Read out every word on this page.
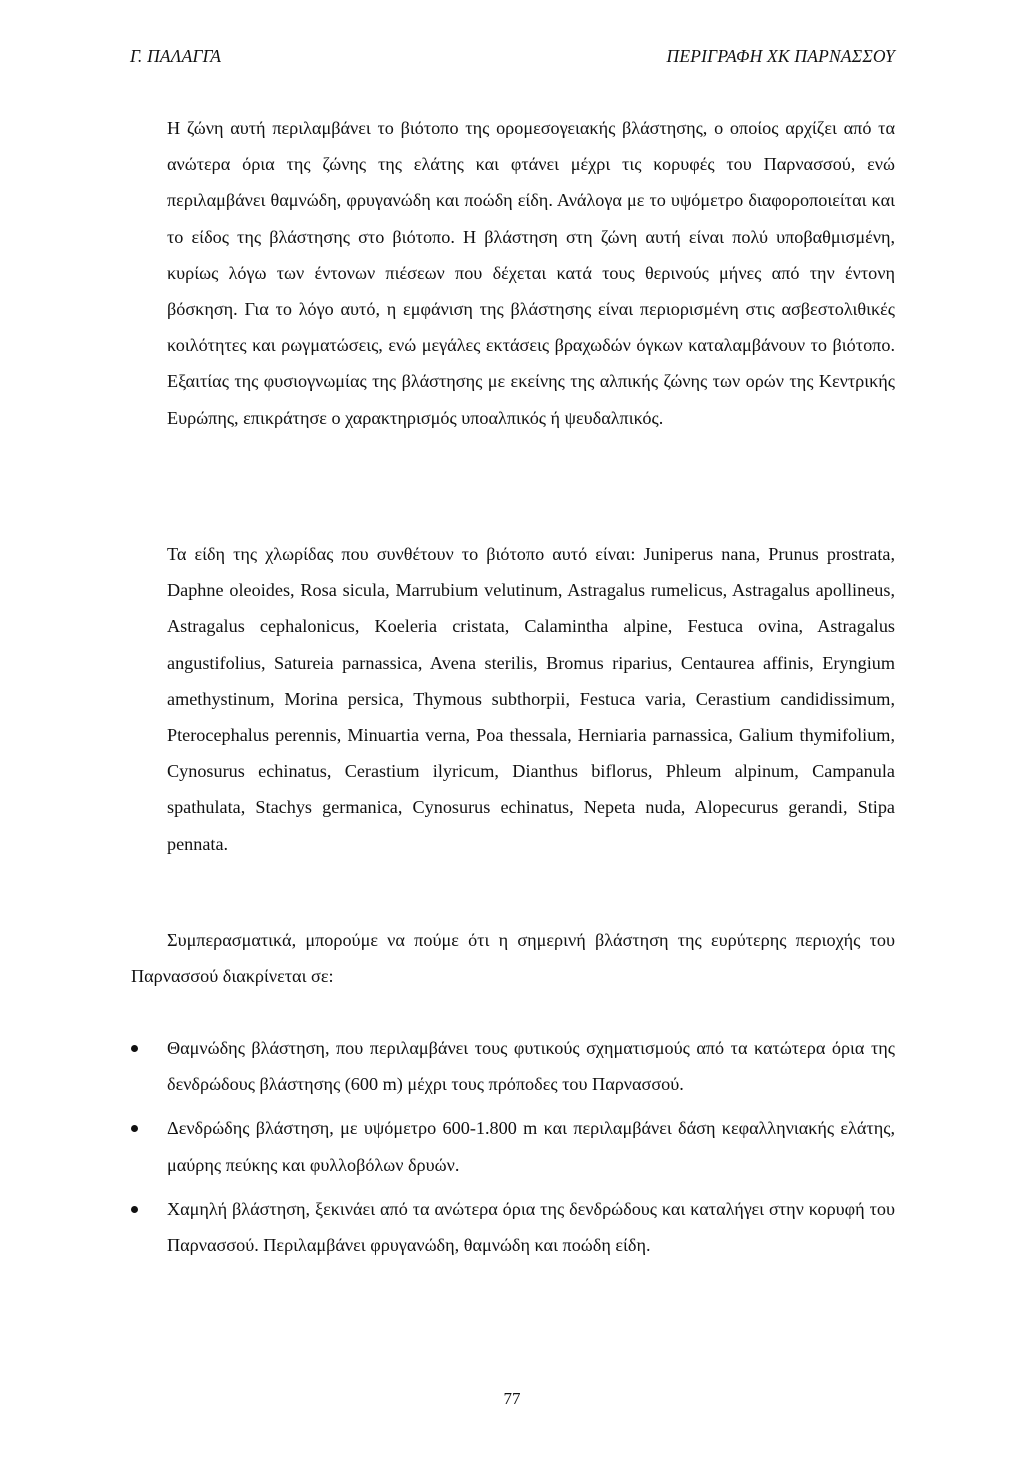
Γ. ΠΑΛΑΓΓΑ	ΠΕΡΙΓΡΑΦΗ ΧΚ ΠΑΡΝΑΣΣΟΥ

Η ζώνη αυτή περιλαμβάνει το βιότοπο της ορομεσογειακής βλάστησης, ο οποίος αρχίζει από τα ανώτερα όρια της ζώνης της ελάτης και φτάνει μέχρι τις κορυφές του Παρνασσού, ενώ περιλαμβάνει θαμνώδη, φρυγανώδη και ποώδη είδη. Ανάλογα με το υψόμετρο διαφοροποιείται και το είδος της βλάστησης στο βιότοπο. Η βλάστηση στη ζώνη αυτή είναι πολύ υποβαθμισμένη, κυρίως λόγω των έντονων πιέσεων που δέχεται κατά τους θερινούς μήνες από την έντονη βόσκηση. Για το λόγο αυτό, η εμφάνιση της βλάστησης είναι περιορισμένη στις ασβεστολιθικές κοιλότητες και ρωγματώσεις, ενώ μεγάλες εκτάσεις βραχωδών όγκων καταλαμβάνουν το βιότοπο. Εξαιτίας της φυσιογνωμίας της βλάστησης με εκείνης της αλπικής ζώνης των ορών της Κεντρικής Ευρώπης, επικράτησε ο χαρακτηρισμός υποαλπικός ή ψευδαλπικός.

Τα είδη της χλωρίδας που συνθέτουν το βιότοπο αυτό είναι: Juniperus nana, Prunus prostrata, Daphne oleoides, Rosa sicula, Marrubium velutinum, Astragalus rumelicus, Astragalus apollineus, Astragalus cephalonicus, Koeleria cristata, Calamintha alpine, Festuca ovina, Astragalus angustifolius, Satureia parnassica, Avena sterilis, Bromus riparius, Centaurea affinis, Eryngium amethystinum, Morina persica, Thymous subthorpii, Festuca varia, Cerastium candidissimum, Pterocephalus perennis, Minuartia verna, Poa thessala, Herniaria parnassica, Galium thymifolium, Cynosurus echinatus, Cerastium ilyricum, Dianthus biflorus, Phleum alpinum, Campanula spathulata, Stachys germanica, Cynosurus echinatus, Nepeta nuda, Alopecurus gerandi, Stipa pennata.

Συμπερασματικά, μπορούμε να πούμε ότι η σημερινή βλάστηση της ευρύτερης περιοχής του Παρνασσού διακρίνεται σε:

Θαμνώδης βλάστηση, που περιλαμβάνει τους φυτικούς σχηματισμούς από τα κατώτερα όρια της δενδρώδους βλάστησης (600 m) μέχρι τους πρόποδες του Παρνασσού.
Δενδρώδης βλάστηση, με υψόμετρο 600-1.800 m και περιλαμβάνει δάση κεφαλληνιακής ελάτης, μαύρης πεύκης και φυλλοβόλων δρυών.
Χαμηλή βλάστηση, ξεκινάει από τα ανώτερα όρια της δενδρώδους και καταλήγει στην κορυφή του Παρνασσού. Περιλαμβάνει φρυγανώδη, θαμνώδη και ποώδη είδη.
77
